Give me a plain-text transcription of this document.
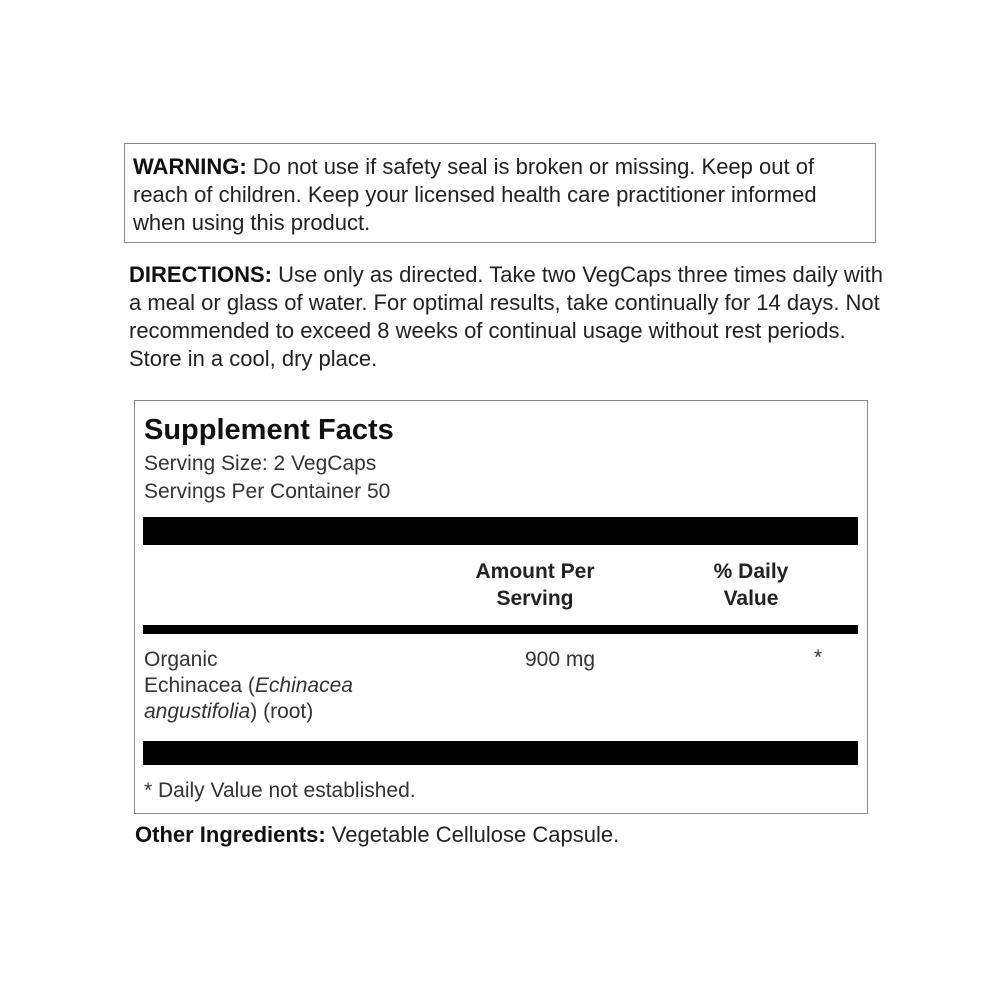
WARNING: Do not use if safety seal is broken or missing. Keep out of reach of children. Keep your licensed health care practitioner informed when using this product.
DIRECTIONS: Use only as directed. Take two VegCaps three times daily with a meal or glass of water. For optimal results, take continually for 14 days. Not recommended to exceed 8 weeks of continual usage without rest periods. Store in a cool, dry place.
Supplement Facts
Serving Size: 2 VegCaps
Servings Per Container 50
Amount Per
Serving
% Daily
Value
Organic
Echinacea (Echinacea
angustifolia) (root)
900 mg	*
* Daily Value not established.
Other Ingredients: Vegetable Cellulose Capsule.
